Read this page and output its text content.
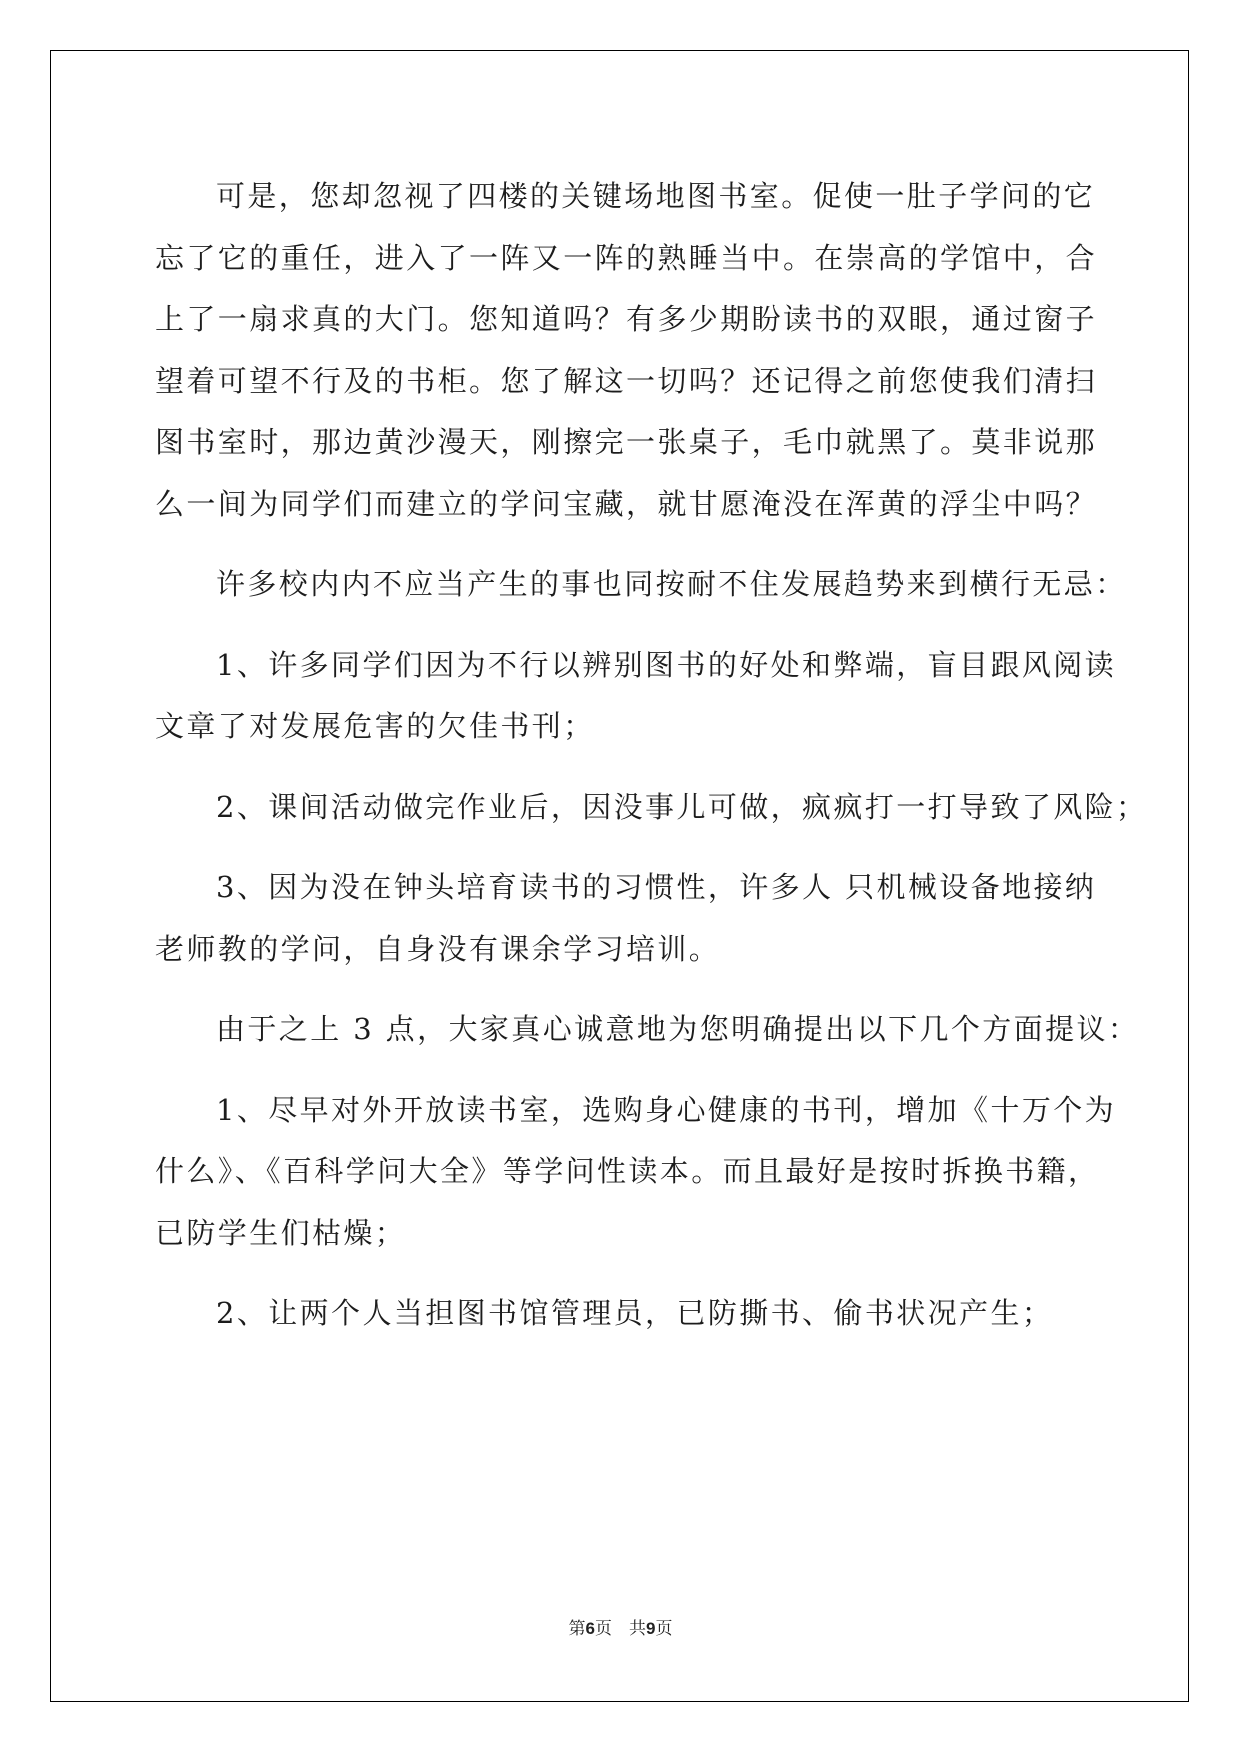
可是，您却忽视了四楼的关键场地图书室。促使一肚子学问的它
忘了它的重任，进入了一阵又一阵的熟睡当中。在崇高的学馆中，合
上了一扇求真的大门。您知道吗？有多少期盼读书的双眼，通过窗子
望着可望不行及的书柜。您了解这一切吗？还记得之前您使我们清扫
图书室时，那边黄沙漫天，刚擦完一张桌子，毛巾就黑了。莫非说那
么一间为同学们而建立的学问宝藏，就甘愿淹没在浑黄的浮尘中吗？
许多校内内不应当产生的事也同按耐不住发展趋势来到横行无忌：
1、许多同学们因为不行以辨别图书的好处和弊端，盲目跟风阅读
文章了对发展危害的欠佳书刊；
2、课间活动做完作业后，因没事儿可做，疯疯打一打导致了风险；
3、因为没在钟头培育读书的习惯性，许多人 只机械设备地接纳
老师教的学问，自身没有课余学习培训。
由于之上 3 点，大家真心诚意地为您明确提出以下几个方面提议：
1、尽早对外开放读书室，选购身心健康的书刊，增加《十万个为
什么》、《百科学问大全》等学问性读本。而且最好是按时拆换书籍，
已防学生们枯燥；
2、让两个人当担图书馆管理员，已防撕书、偷书状况产生；
第6页　共9页
